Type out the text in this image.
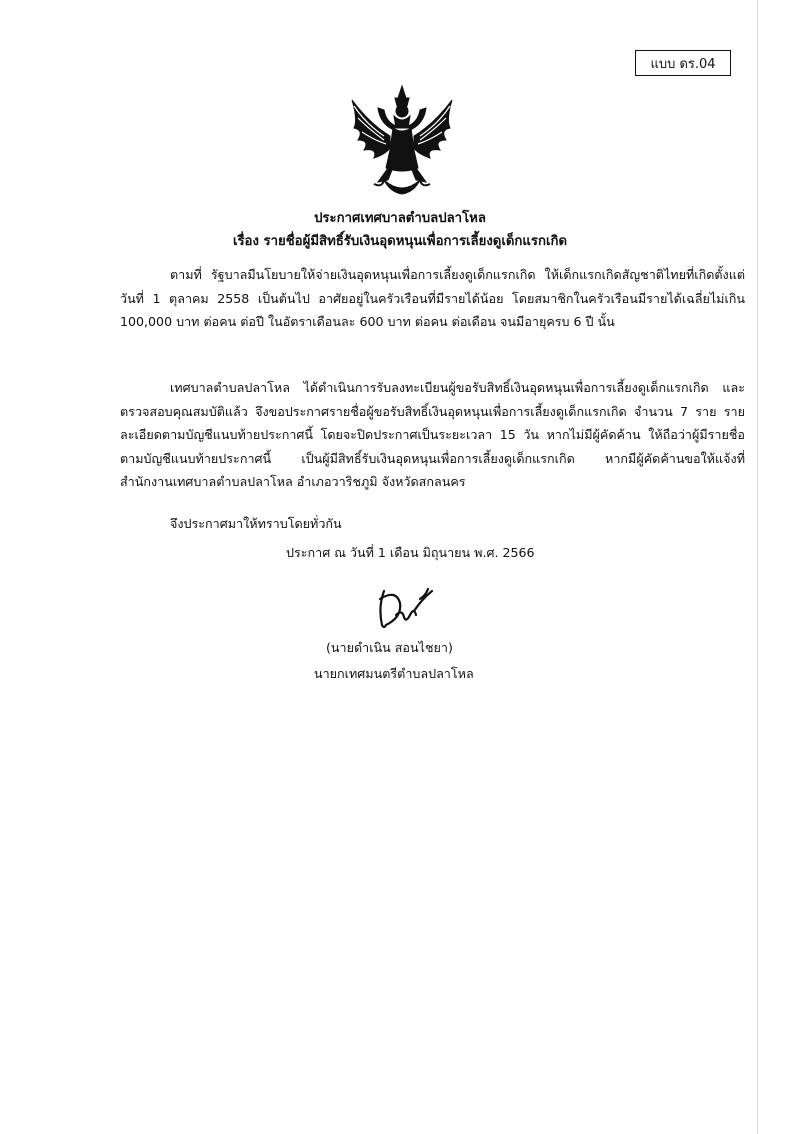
แบบ ดร.04
ประกาศเทศบาลตำบลปลาโหล
เรื่อง รายชื่อผู้มีสิทธิ์รับเงินอุดหนุนเพื่อการเลี้ยงดูเด็กแรกเกิด

ตามที่ รัฐบาลมีนโยบายให้จ่ายเงินอุดหนุนเพื่อการเลี้ยงดูเด็กแรกเกิด ให้เด็กแรกเกิดสัญชาติไทยที่เกิดตั้งแต่วันที่ 1 ตุลาคม 2558 เป็นต้นไป อาศัยอยู่ในครัวเรือนที่มีรายได้น้อย โดยสมาชิกในครัวเรือนมีรายได้เฉลี่ยไม่เกิน 100,000 บาท ต่อคน ต่อปี ในอัตราเดือนละ 600 บาท ต่อคน ต่อเดือน จนมีอายุครบ 6 ปี นั้น

เทศบาลตำบลปลาโหล ได้ดำเนินการรับลงทะเบียนผู้ขอรับสิทธิ์เงินอุดหนุนเพื่อการเลี้ยงดูเด็กแรกเกิด และตรวจสอบคุณสมบัติแล้ว จึงขอประกาศรายชื่อผู้ขอรับสิทธิ์เงินอุดหนุนเพื่อการเลี้ยงดูเด็กแรกเกิด จำนวน 7 ราย รายละเอียดตามบัญชีแนบท้ายประกาศนี้ โดยจะปิดประกาศเป็นระยะเวลา 15 วัน หากไม่มีผู้คัดค้าน ให้ถือว่าผู้มีรายชื่อตามบัญชีแนบท้ายประกาศนี้ เป็นผู้มีสิทธิ์รับเงินอุดหนุนเพื่อการเลี้ยงดูเด็กแรกเกิด หากมีผู้คัดค้านขอให้แจ้งที่สำนักงานเทศบาลตำบลปลาโหล อำเภอวาริชภูมิ จังหวัดสกลนคร

จึงประกาศมาให้ทราบโดยทั่วกัน

ประกาศ ณ วันที่ 1 เดือน มิถุนายน พ.ศ. 2566
(นายดำเนิน สอนไชยา)
นายกเทศมนตรีตำบลปลาโหล
